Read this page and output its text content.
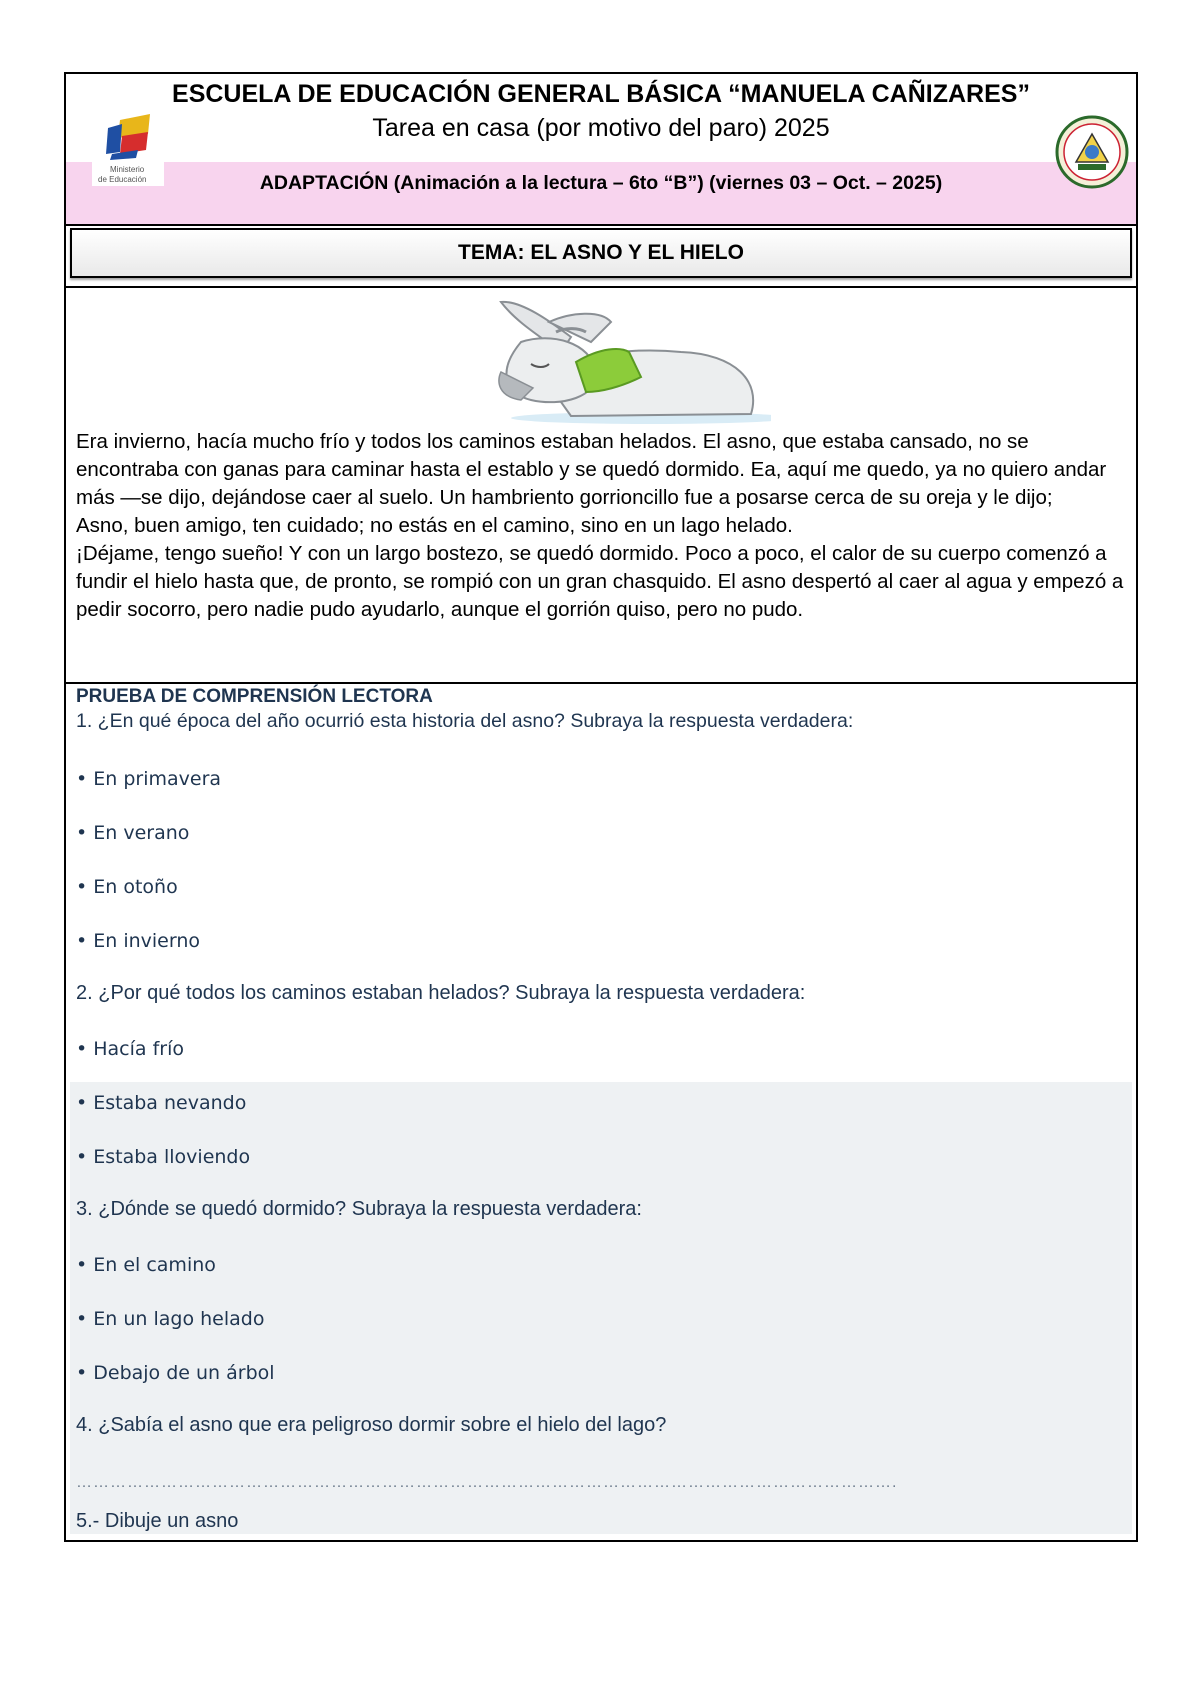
ESCUELA DE EDUCACIÓN GENERAL BÁSICA “MANUELA CAÑIZARES”
Tarea en casa (por motivo del paro) 2025
ADAPTACIÓN (Animación a la lectura – 6to “B”) (viernes 03 – Oct. – 2025)
Ministerio
de Educación
TEMA: EL ASNO Y EL HIELO

Era invierno, hacía mucho frío y todos los caminos estaban helados. El asno, que estaba cansado, no se encontraba con ganas para caminar hasta el establo y se quedó dormido. Ea, aquí me quedo, ya no quiero andar más —se dijo, dejándose caer al suelo. Un hambriento gorrioncillo fue a posarse cerca de su oreja y le dijo;

Asno, buen amigo, ten cuidado; no estás en el camino, sino en un lago helado.

¡Déjame, tengo sueño! Y con un largo bostezo, se quedó dormido. Poco a poco, el calor de su cuerpo comenzó a fundir el hielo hasta que, de pronto, se rompió con un gran chasquido. El asno despertó al caer al agua y empezó a pedir socorro, pero nadie pudo ayudarlo, aunque el gorrión quiso, pero no pudo.

PRUEBA DE COMPRENSIÓN LECTORA
1. ¿En qué época del año ocurrió esta historia del asno? Subraya la respuesta verdadera:
• En primavera
• En verano
• En otoño
• En invierno
2. ¿Por qué todos los caminos estaban helados? Subraya la respuesta verdadera:
• Hacía frío
• Estaba nevando
• Estaba lloviendo
3. ¿Dónde se quedó dormido? Subraya la respuesta verdadera:
• En el camino
• En un lago helado
• Debajo de un árbol
4. ¿Sabía el asno que era peligroso dormir sobre el hielo del lago?
……………………………………………………………………………………………………………………………….
5.- Dibuje un asno
